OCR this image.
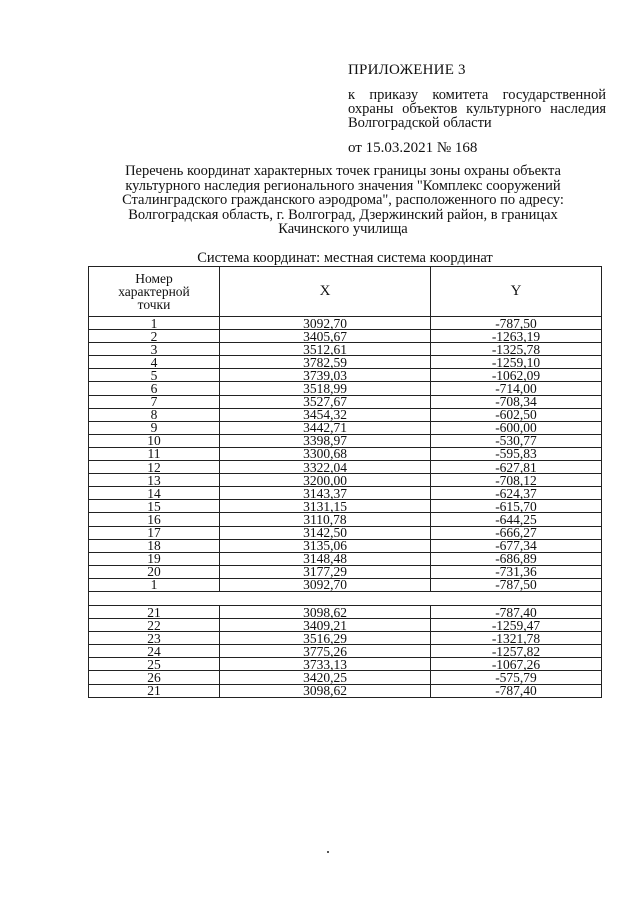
ПРИЛОЖЕНИЕ 3
к приказу комитета государственной
охраны объектов культурного наследия
Волгоградской области
от 15.03.2021 № 168
Перечень координат характерных точек границы зоны охраны объекта
культурного наследия регионального значения "Комплекс сооружений
Сталинградского гражданского аэродрома", расположенного по адресу:
Волгоградская область, г. Волгоград, Дзержинский район, в границах
Качинского училища
Система координат: местная система координат
Номер
характерной
точки	X	Y
1	3092,70	-787,50
2	3405,67	-1263,19
3	3512,61	-1325,78
4	3782,59	-1259,10
5	3739,03	-1062,09
6	3518,99	-714,00
7	3527,67	-708,34
8	3454,32	-602,50
9	3442,71	-600,00
10	3398,97	-530,77
11	3300,68	-595,83
12	3322,04	-627,81
13	3200,00	-708,12
14	3143,37	-624,37
15	3131,15	-615,70
16	3110,78	-644,25
17	3142,50	-666,27
18	3135,06	-677,34
19	3148,48	-686,89
20	3177,29	-731,36
1	3092,70	-787,50

21	3098,62	-787,40
22	3409,21	-1259,47
23	3516,29	-1321,78
24	3775,26	-1257,82
25	3733,13	-1067,26
26	3420,25	-575,79
21	3098,62	-787,40
